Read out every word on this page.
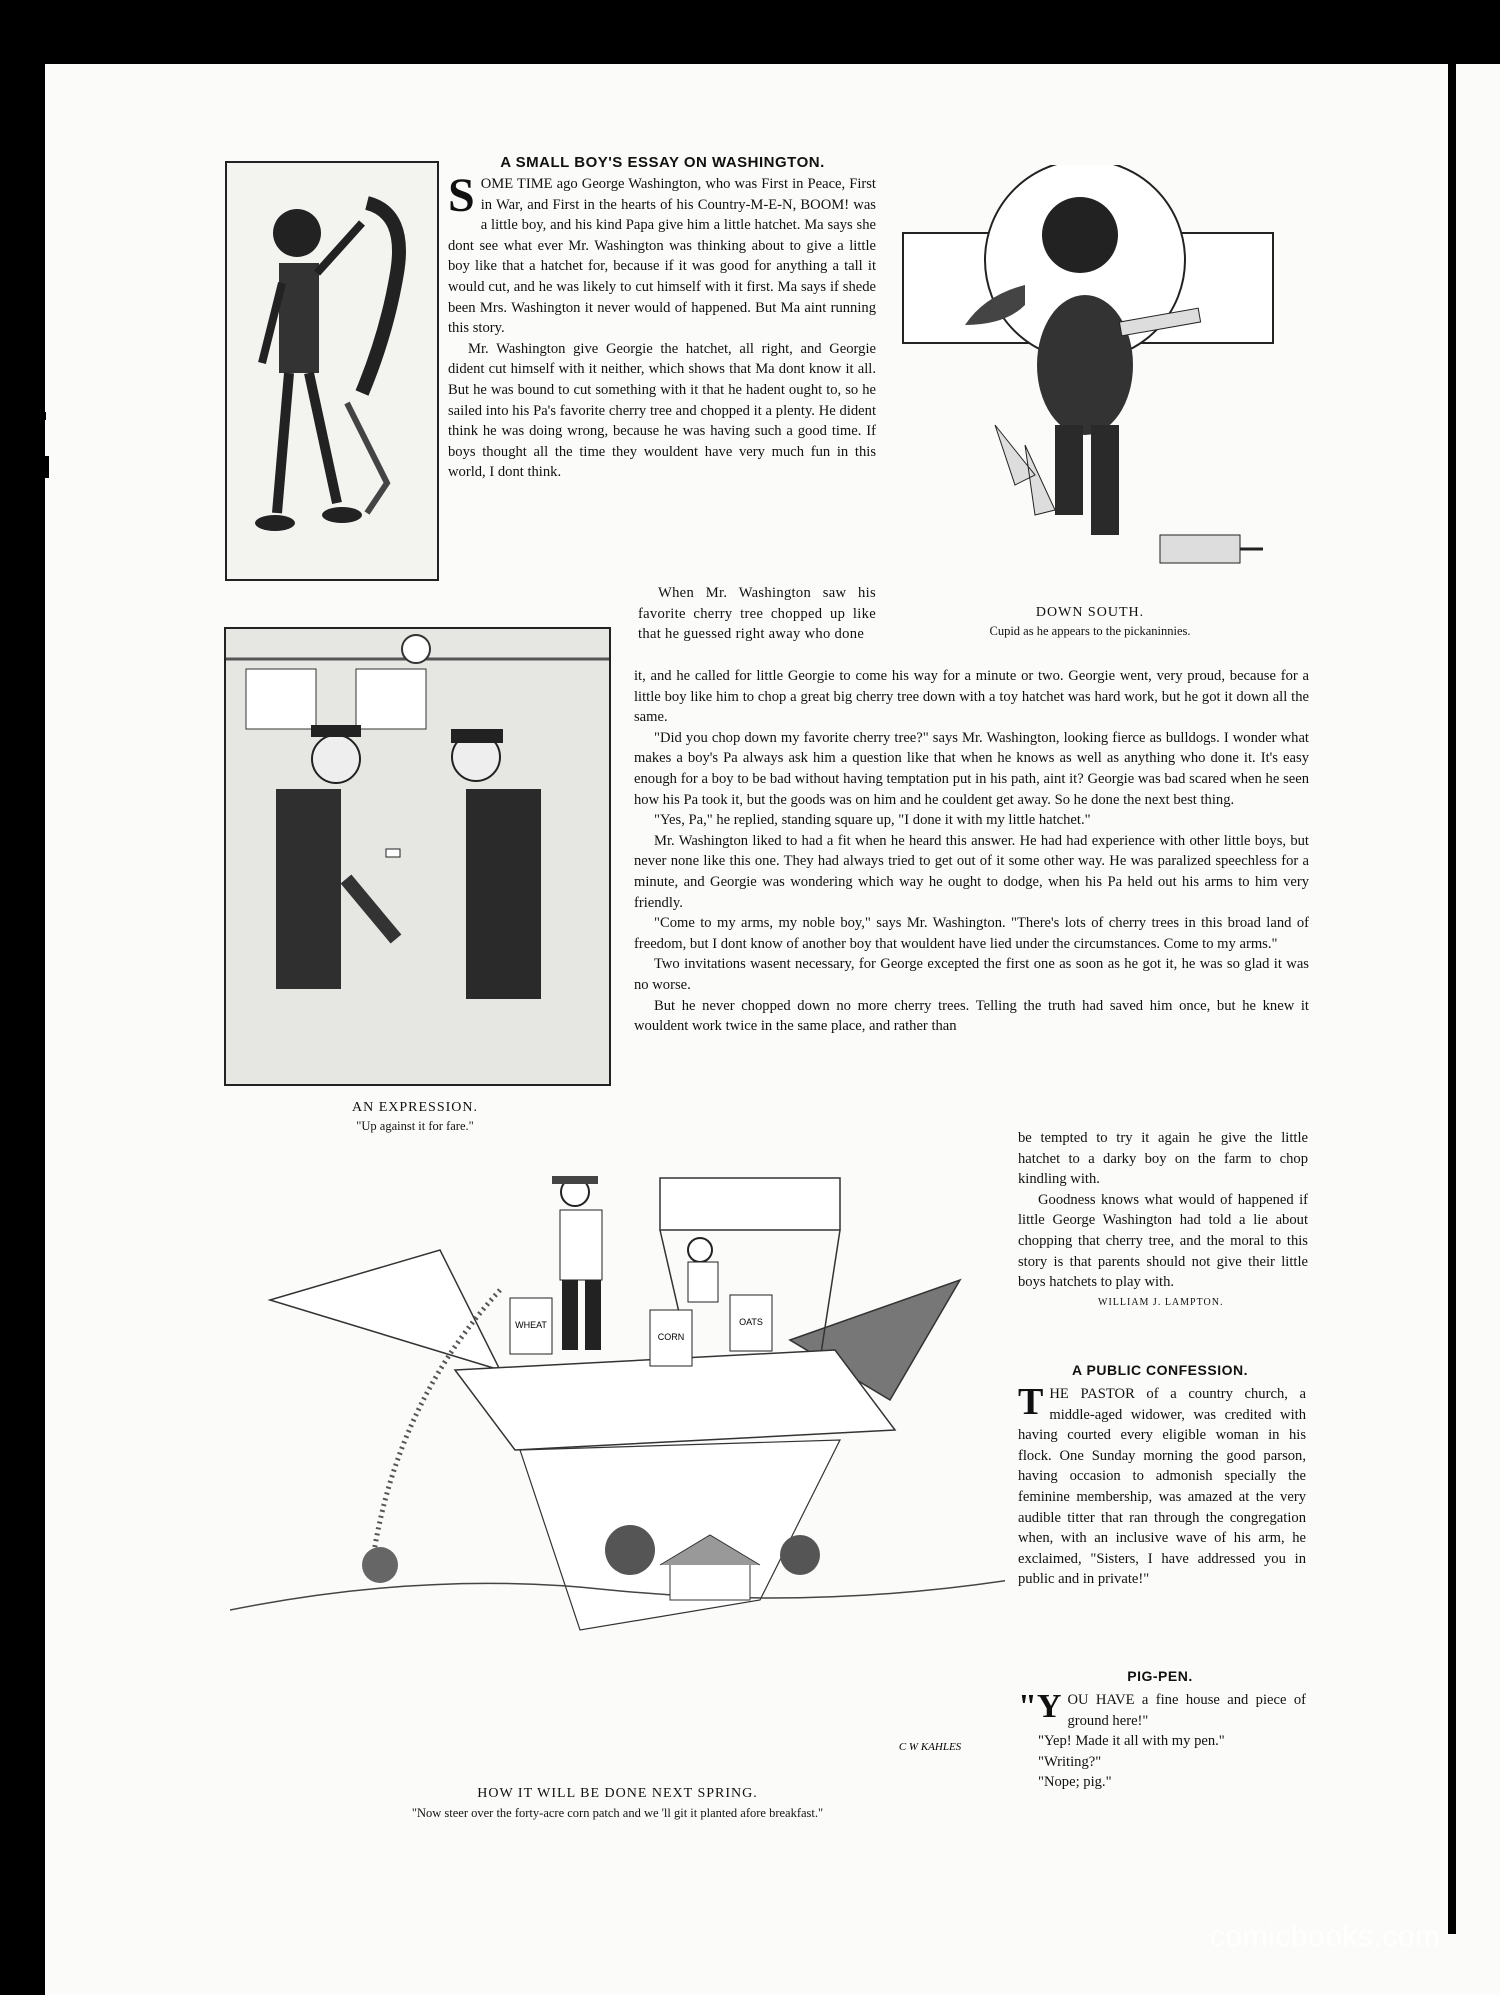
A SMALL BOY'S ESSAY ON WASHINGTON.

SOME TIME ago George Washington, who was First in Peace, First in War, and First in the hearts of his Country-M-E-N, BOOM! was a little boy, and his kind Papa give him a little hatchet. Ma says she dont see what ever Mr. Washington was thinking about to give a little boy like that a hatchet for, because if it was good for anything a tall it would cut, and he was likely to cut himself with it first. Ma says if shede been Mrs. Washington it never would of happened. But Ma aint running this story.

Mr. Washington give Georgie the hatchet, all right, and Georgie dident cut himself with it neither, which shows that Ma dont know it all. But he was bound to cut something with it that he hadent ought to, so he sailed into his Pa's favorite cherry tree and chopped it a plenty. He dident think he was doing wrong, because he was having such a good time. If boys thought all the time they wouldent have very much fun in this world, I dont think.

When Mr. Washington saw his favorite cherry tree chopped up like that he guessed right away who done

DOWN SOUTH.
Cupid as he appears to the pickaninnies.
AN EXPRESSION.
"Up against it for fare."

it, and he called for little Georgie to come his way for a minute or two. Georgie went, very proud, because for a little boy like him to chop a great big cherry tree down with a toy hatchet was hard work, but he got it down all the same.

"Did you chop down my favorite cherry tree?" says Mr. Washington, looking fierce as bulldogs. I wonder what makes a boy's Pa always ask him a question like that when he knows as well as anything who done it. It's easy enough for a boy to be bad without having temptation put in his path, aint it? Georgie was bad scared when he seen how his Pa took it, but the goods was on him and he couldent get away. So he done the next best thing.

"Yes, Pa," he replied, standing square up, "I done it with my little hatchet."

Mr. Washington liked to had a fit when he heard this answer. He had had experience with other little boys, but never none like this one. They had always tried to get out of it some other way. He was paralized speechless for a minute, and Georgie was wondering which way he ought to dodge, when his Pa held out his arms to him very friendly.

"Come to my arms, my noble boy," says Mr. Washington. "There's lots of cherry trees in this broad land of freedom, but I dont know of another boy that wouldent have lied under the circumstances. Come to my arms."

Two invitations wasent necessary, for George excepted the first one as soon as he got it, he was so glad it was no worse.

But he never chopped down no more cherry trees. Telling the truth had saved him once, but he knew it wouldent work twice in the same place, and rather than

be tempted to try it again he give the little hatchet to a darky boy on the farm to chop kindling with.

Goodness knows what would of happened if little George Washington had told a lie about chopping that cherry tree, and the moral to this story is that parents should not give their little boys hatchets to play with.

WILLIAM J. LAMPTON.
WHEAT
CORN
OATS
C W KAHLES
HOW IT WILL BE DONE NEXT SPRING.
"Now steer over the forty-acre corn patch and we 'll git it planted afore breakfast."
A PUBLIC CONFESSION.

THE PASTOR of a country church, a middle-aged widower, was credited with having courted every eligible woman in his flock. One Sunday morning the good parson, having occasion to admonish specially the feminine membership, was amazed at the very audible titter that ran through the congregation when, with an inclusive wave of his arm, he exclaimed, "Sisters, I have addressed you in public and in private!"

PIG-PEN.

"YOU HAVE a fine house and piece of ground here!"

"Yep! Made it all with my pen."

"Writing?"

"Nope; pig."

comicbooks.com
